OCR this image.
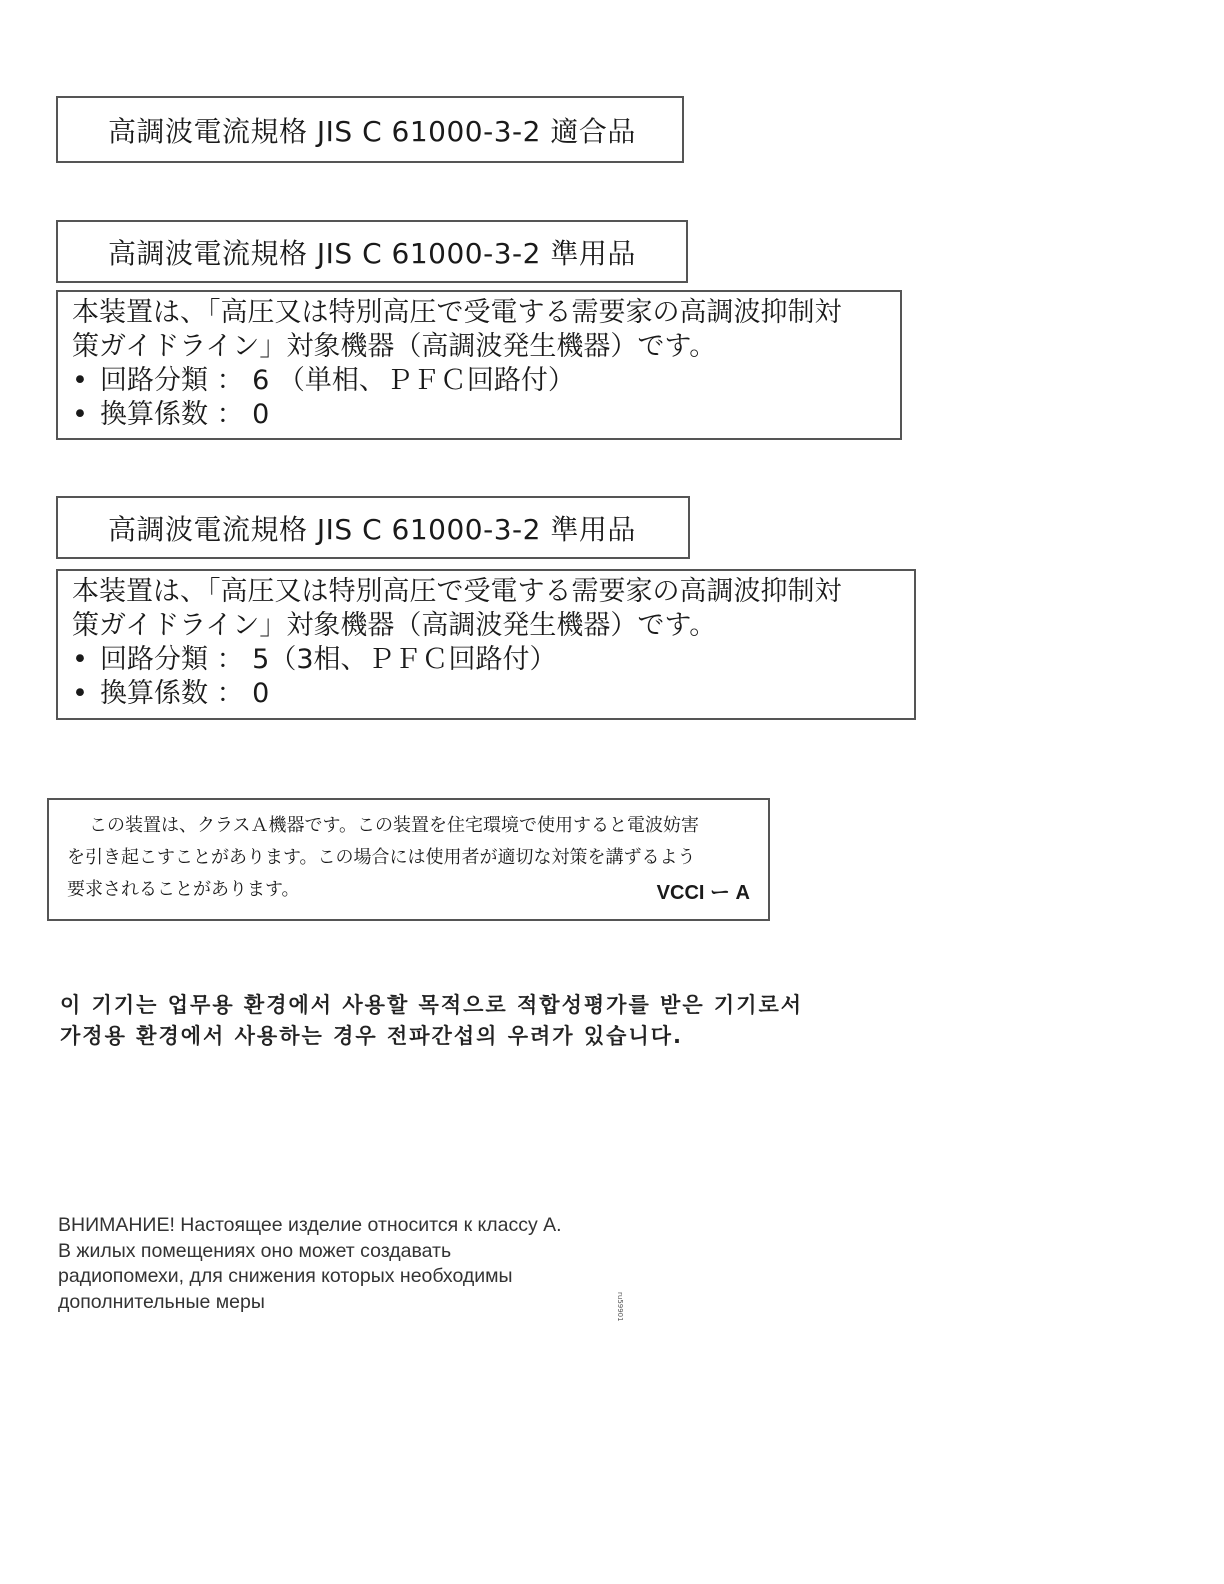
高調波電流規格 JIS C 61000-3-2 適合品
高調波電流規格 JIS C 61000-3-2 準用品
本装置は、「高圧又は特別高圧で受電する需要家の高調波抑制対
策ガイドライン」対象機器（高調波発生機器）です。
• 回路分類 ： 6 （単相、ＰＦＣ回路付）
• 換算係数 ： 0
高調波電流規格 JIS C 61000-3-2 準用品
本装置は、「高圧又は特別高圧で受電する需要家の高調波抑制対
策ガイドライン」対象機器（高調波発生機器）です。
• 回路分類 ： 5（3相、ＰＦＣ回路付）
• 換算係数 ： 0
この装置は、クラスＡ機器です。この装置を住宅環境で使用すると電波妨害
を引き起こすことがあります。この場合には使用者が適切な対策を講ずるよう
要求されることがあります。	VCCI ー A
이 기기는 업무용 환경에서 사용할 목적으로 적합성평가를 받은 기기로서
가정용 환경에서 사용하는 경우 전파간섭의 우려가 있습니다.
ВНИМАНИЕ! Настоящее изделие относится к классу А.
В жилых помещениях оно может создавать
радиопомехи, для снижения которых необходимы
дополнительные меры	ru59901
